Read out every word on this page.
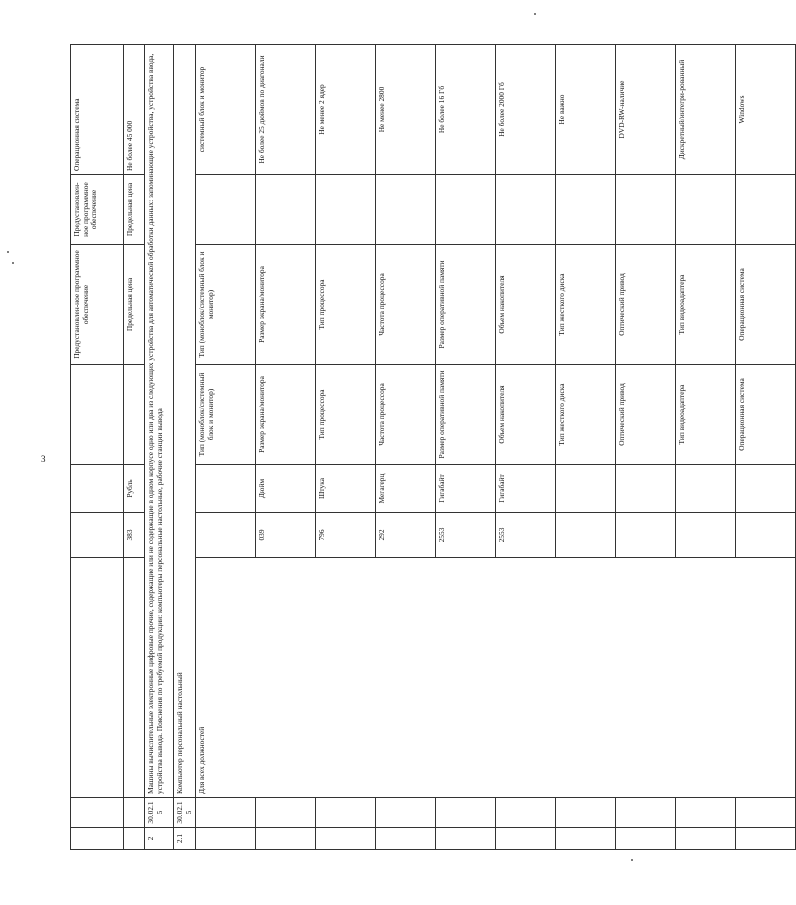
3
						Предустановлен-ное программное обеспечение	Предустановлен-ное программное обеспечение	Операционная система
			383	Рубль		Предельная цена	Предельная цена	Не более 45 000
2	30.02.15	Машины вычислительные электронные цифровые прочие, содержащие или не содержащие в одном корпусе одно или два из следующих устройства для автоматической обработки данных: запоминающие устройства, устройства ввода, устройства вывода. Пояснения по требуемой продукции: компьютеры персональные настольные, рабочие станции вывода						
2.1	30.02.15	Компьютер персональный настольный						
		Для всех должностей			Тип (моноблок/системный блок и монитор)	Тип (моноблок/системный блок и монитор)		системный блок и монитор
			039	Дюйм	Размер экрана/монитора	Размер экрана/монитора		Не более 25 дюймов по диагонали
			796	Штука	Тип процессора	Тип процессора		Не менее 2 ядер
			292	Мегагерц	Частота процессора	Частота процессора		Не менее 2800
			2553	Гигабайт	Размер оперативной памяти	Размер оперативной памяти		Не более 16 Гб
			2553	Гигабайт	Объем накопителя	Объем накопителя		Не более 2000 Гб
					Тип жесткого диска	Тип жесткого диска		Не важно
					Оптический привод	Оптический привод		DVD-RW-наличие
					Тип видеоадаптера	Тип видеоадаптера		Дискретный/интегри-рованный
					Операционная система	Операционная система		Windows
